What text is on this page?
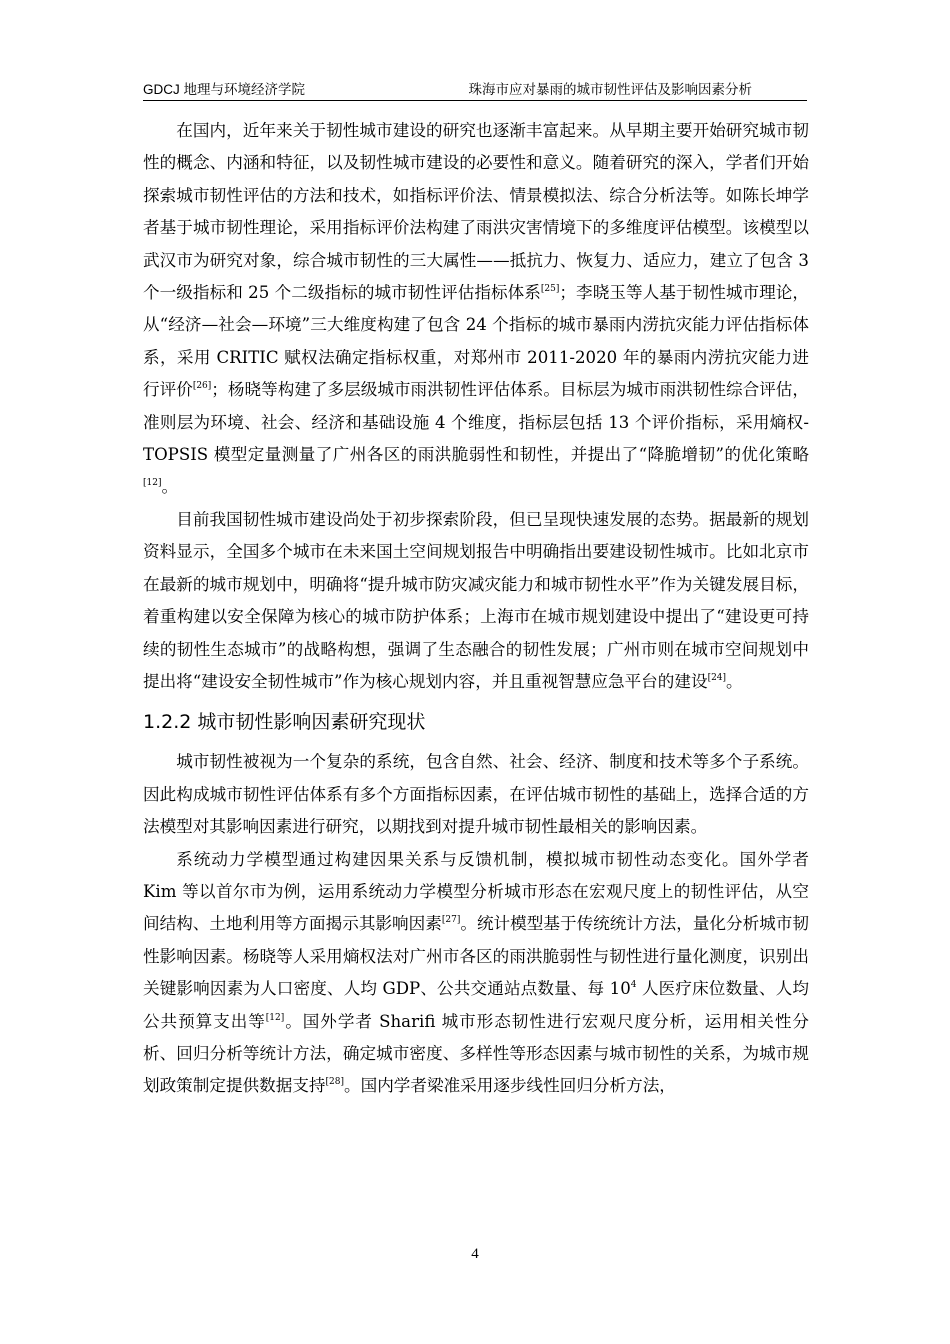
GDCJ 地理与环境经济学院	珠海市应对暴雨的城市韧性评估及影响因素分析

在国内，近年来关于韧性城市建设的研究也逐渐丰富起来。从早期主要开始研究城市韧性的概念、内涵和特征，以及韧性城市建设的必要性和意义。随着研究的深入，学者们开始探索城市韧性评估的方法和技术，如指标评价法、情景模拟法、综合分析法等。如陈长坤学者基于城市韧性理论，采用指标评价法构建了雨洪灾害情境下的多维度评估模型。该模型以武汉市为研究对象，综合城市韧性的三大属性——抵抗力、恢复力、适应力，建立了包含 3 个一级指标和 25 个二级指标的城市韧性评估指标体系[25]；李晓玉等人基于韧性城市理论，从“经济—社会—环境”三大维度构建了包含 24 个指标的城市暴雨内涝抗灾能力评估指标体系，采用 CRITIC 赋权法确定指标权重，对郑州市 2011-2020 年的暴雨内涝抗灾能力进行评价[26]；杨晓等构建了多层级城市雨洪韧性评估体系。目标层为城市雨洪韧性综合评估，准则层为环境、社会、经济和基础设施 4 个维度，指标层包括 13 个评价指标，采用熵权-TOPSIS 模型定量测量了广州各区的雨洪脆弱性和韧性，并提出了“降脆增韧”的优化策略[12]。

目前我国韧性城市建设尚处于初步探索阶段，但已呈现快速发展的态势。据最新的规划资料显示，全国多个城市在未来国土空间规划报告中明确指出要建设韧性城市。比如北京市在最新的城市规划中，明确将“提升城市防灾减灾能力和城市韧性水平”作为关键发展目标，着重构建以安全保障为核心的城市防护体系；上海市在城市规划建设中提出了“建设更可持续的韧性生态城市”的战略构想，强调了生态融合的韧性发展；广州市则在城市空间规划中提出将“建设安全韧性城市”作为核心规划内容，并且重视智慧应急平台的建设[24]。

1.2.2 城市韧性影响因素研究现状

城市韧性被视为一个复杂的系统，包含自然、社会、经济、制度和技术等多个子系统。因此构成城市韧性评估体系有多个方面指标因素，在评估城市韧性的基础上，选择合适的方法模型对其影响因素进行研究，以期找到对提升城市韧性最相关的影响因素。

系统动力学模型通过构建因果关系与反馈机制，模拟城市韧性动态变化。国外学者 Kim 等以首尔市为例，运用系统动力学模型分析城市形态在宏观尺度上的韧性评估，从空间结构、土地利用等方面揭示其影响因素[27]。统计模型基于传统统计方法，量化分析城市韧性影响因素。杨晓等人采用熵权法对广州市各区的雨洪脆弱性与韧性进行量化测度，识别出关键影响因素为人口密度、人均 GDP、公共交通站点数量、每 $10^4$ 人医疗床位数量、人均公共预算支出等[12]。国外学者 Sharifi 城市形态韧性进行宏观尺度分析，运用相关性分析、回归分析等统计方法，确定城市密度、多样性等形态因素与城市韧性的关系，为城市规划政策制定提供数据支持[28]。国内学者梁准采用逐步线性回归分析方法，

4
